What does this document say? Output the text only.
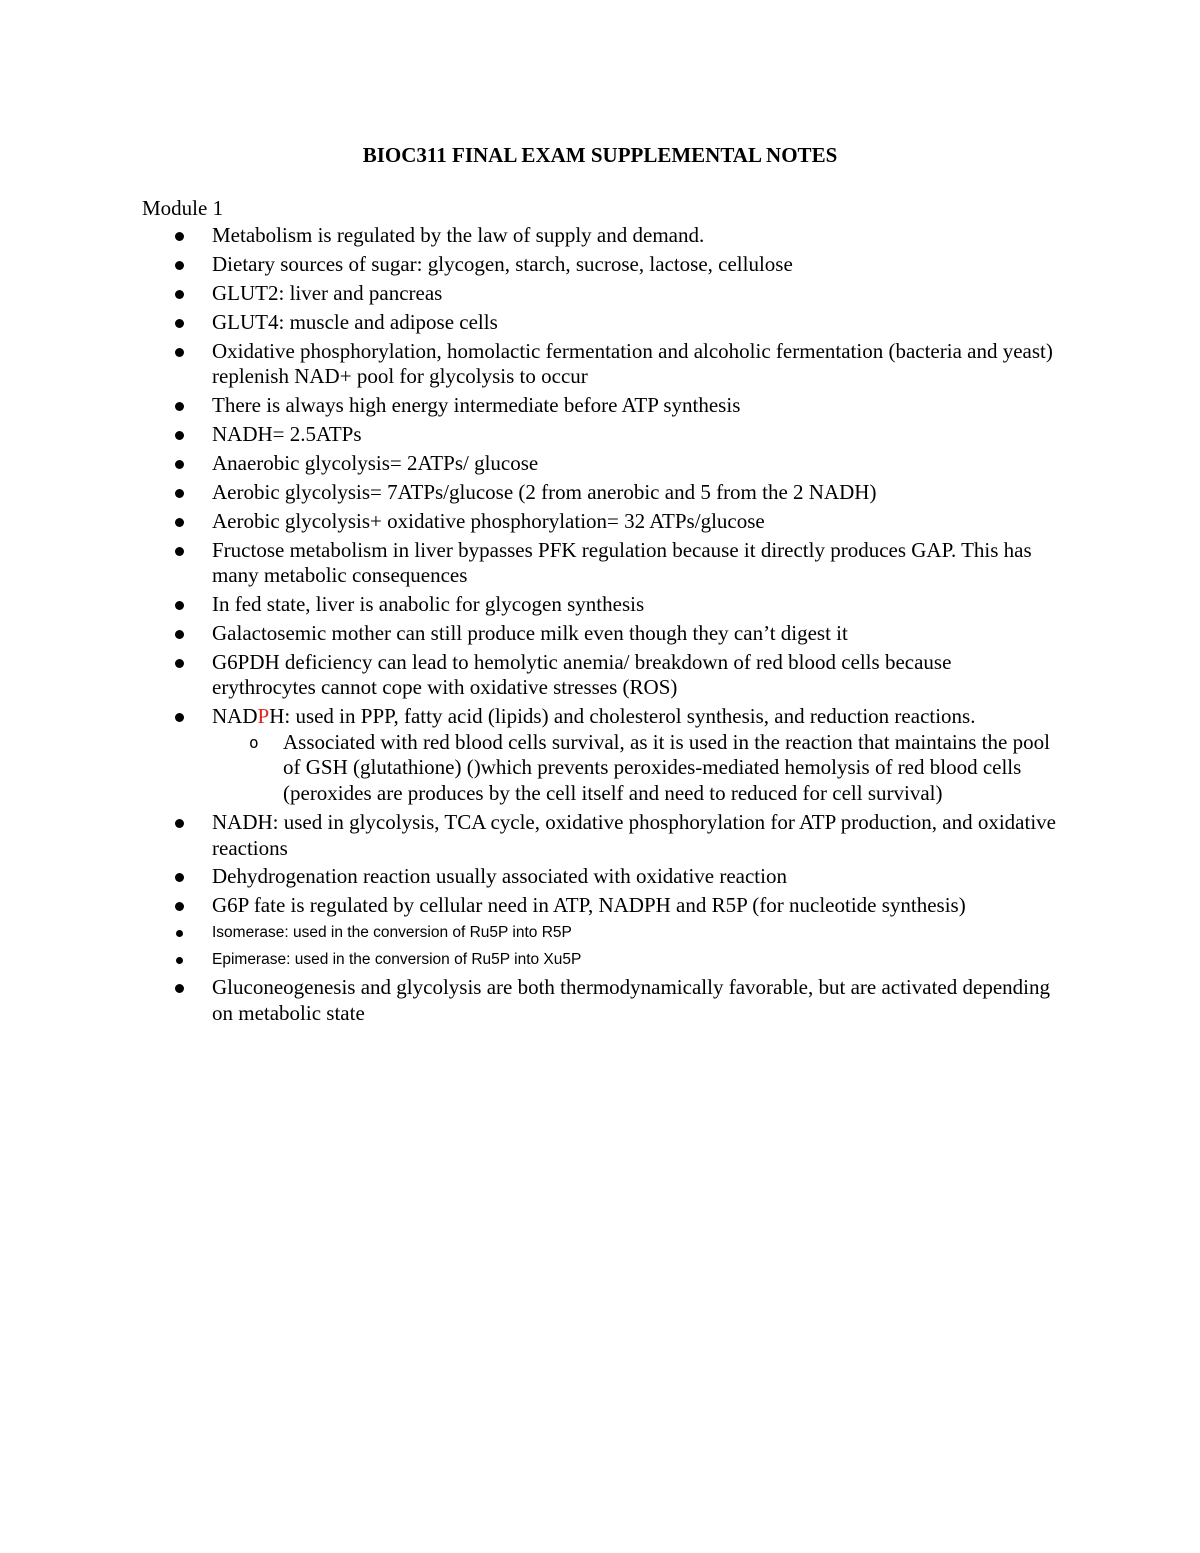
BIOC311 FINAL EXAM SUPPLEMENTAL NOTES

Module 1

Metabolism is regulated by the law of supply and demand.
Dietary sources of sugar: glycogen, starch, sucrose, lactose, cellulose
GLUT2: liver and pancreas
GLUT4: muscle and adipose cells
Oxidative phosphorylation, homolactic fermentation and alcoholic fermentation (bacteria and yeast) replenish NAD+ pool for glycolysis to occur
There is always high energy intermediate before ATP synthesis
NADH= 2.5ATPs
Anaerobic glycolysis= 2ATPs/ glucose
Aerobic glycolysis= 7ATPs/glucose (2 from anerobic and 5 from the 2 NADH)
Aerobic glycolysis+ oxidative phosphorylation= 32 ATPs/glucose
Fructose metabolism in liver bypasses PFK regulation because it directly produces GAP. This has many metabolic consequences
In fed state, liver is anabolic for glycogen synthesis
Galactosemic mother can still produce milk even though they can’t digest it
G6PDH deficiency can lead to hemolytic anemia/ breakdown of red blood cells because erythrocytes cannot cope with oxidative stresses (ROS)
NADPH: used in PPP, fatty acid (lipids) and cholesterol synthesis, and reduction reactions.
o Associated with red blood cells survival, as it is used in the reaction that maintains the pool of GSH (glutathione) ()which prevents peroxides-mediated hemolysis of red blood cells (peroxides are produces by the cell itself and need to reduced for cell survival)
NADH: used in glycolysis, TCA cycle, oxidative phosphorylation for ATP production, and oxidative reactions
Dehydrogenation reaction usually associated with oxidative reaction
G6P fate is regulated by cellular need in ATP, NADPH and R5P (for nucleotide synthesis)
Isomerase: used in the conversion of Ru5P into R5P
Epimerase: used in the conversion of Ru5P into Xu5P
Gluconeogenesis and glycolysis are both thermodynamically favorable, but are activated depending on metabolic state
